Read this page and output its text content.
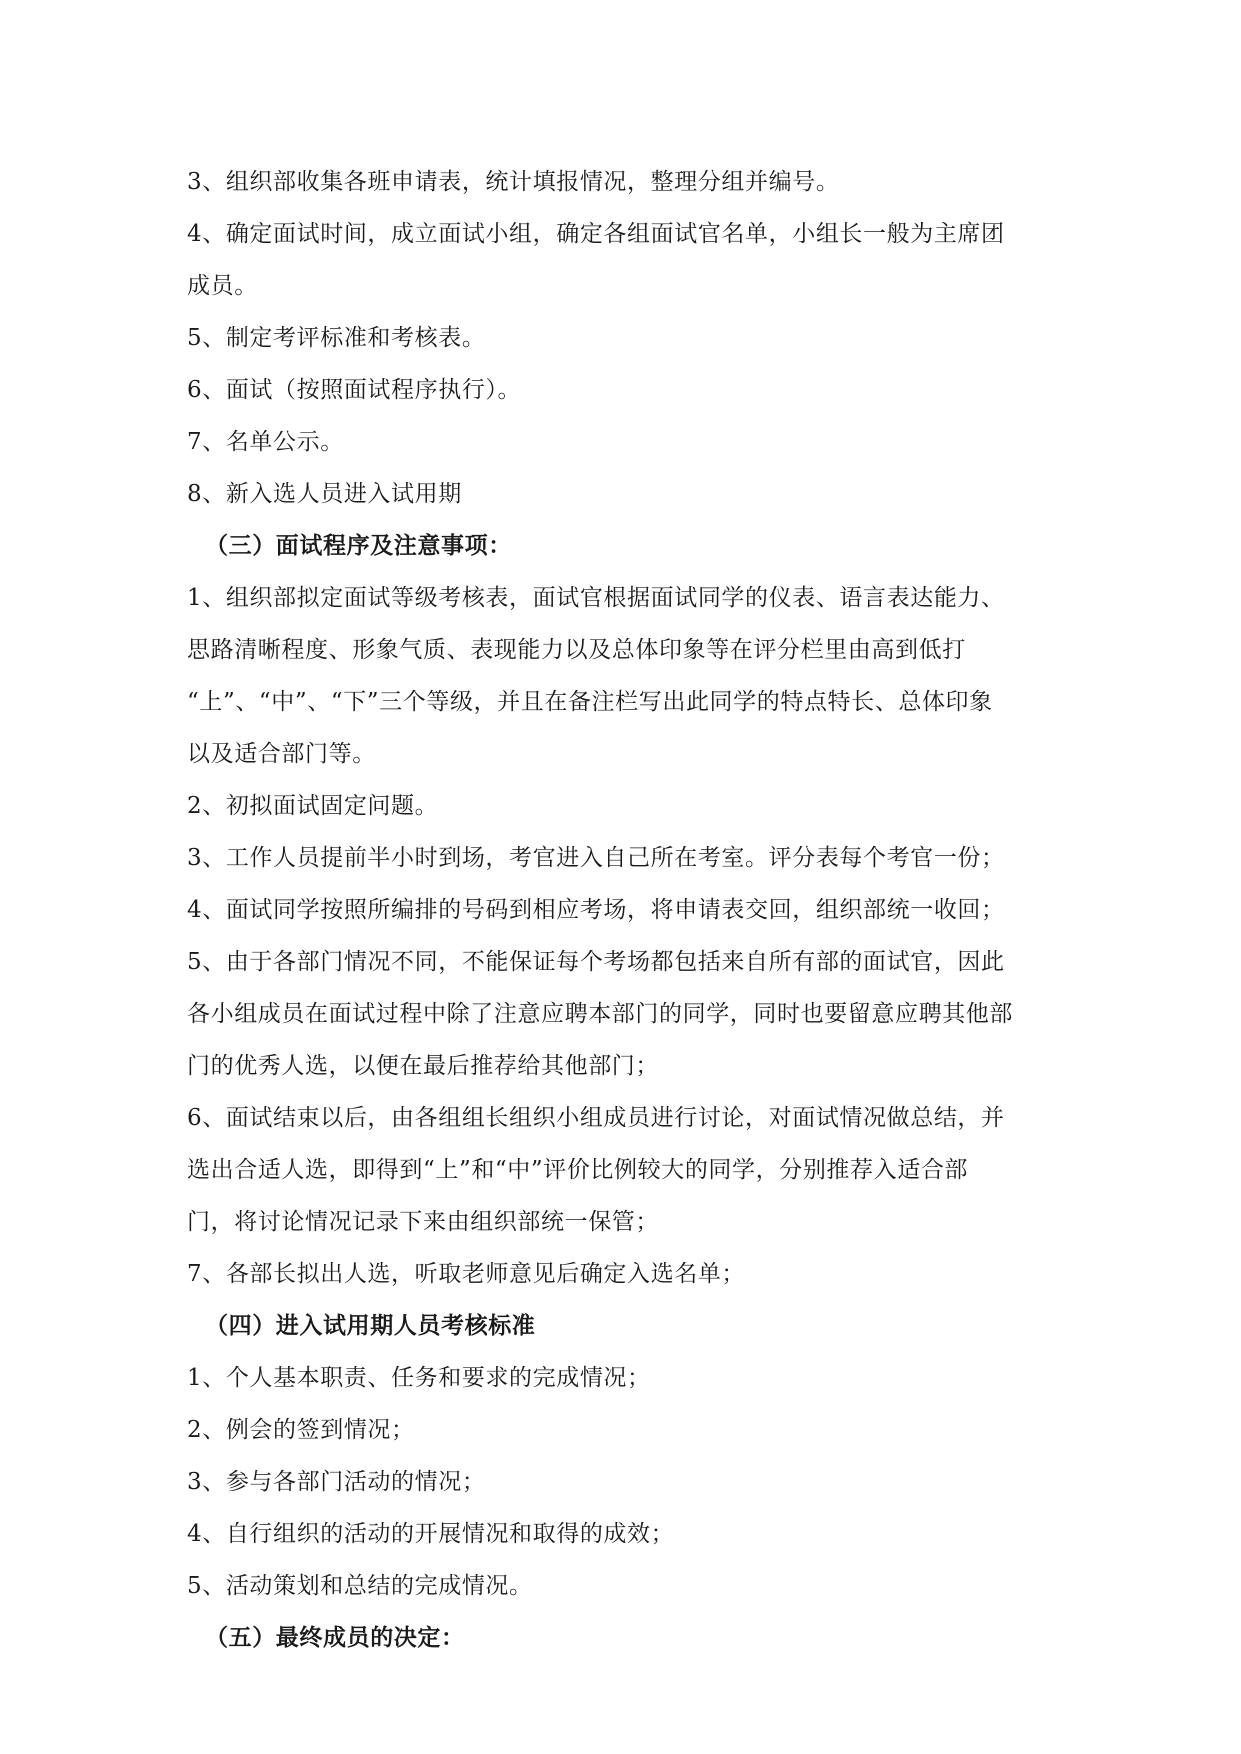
3、组织部收集各班申请表，统计填报情况，整理分组并编号。
4、确定面试时间，成立面试小组，确定各组面试官名单，小组长一般为主席团
成员。
5、制定考评标准和考核表。
6、面试（按照面试程序执行）。
7、名单公示。
8、新入选人员进入试用期
（三）面试程序及注意事项：
1、组织部拟定面试等级考核表，面试官根据面试同学的仪表、语言表达能力、
思路清晰程度、形象气质、表现能力以及总体印象等在评分栏里由高到低打
“上”、“中”、“下”三个等级，并且在备注栏写出此同学的特点特长、总体印象
以及适合部门等。
2、初拟面试固定问题。
3、工作人员提前半小时到场，考官进入自己所在考室。评分表每个考官一份；
4、面试同学按照所编排的号码到相应考场，将申请表交回，组织部统一收回；
5、由于各部门情况不同，不能保证每个考场都包括来自所有部的面试官，因此
各小组成员在面试过程中除了注意应聘本部门的同学，同时也要留意应聘其他部
门的优秀人选，以便在最后推荐给其他部门；
6、面试结束以后，由各组组长组织小组成员进行讨论，对面试情况做总结，并
选出合适人选，即得到“上”和“中”评价比例较大的同学，分别推荐入适合部
门，将讨论情况记录下来由组织部统一保管；
7、各部长拟出人选，听取老师意见后确定入选名单；
（四）进入试用期人员考核标准
1、个人基本职责、任务和要求的完成情况；
2、例会的签到情况；
3、参与各部门活动的情况；
4、自行组织的活动的开展情况和取得的成效；
5、活动策划和总结的完成情况。
（五）最终成员的决定：
